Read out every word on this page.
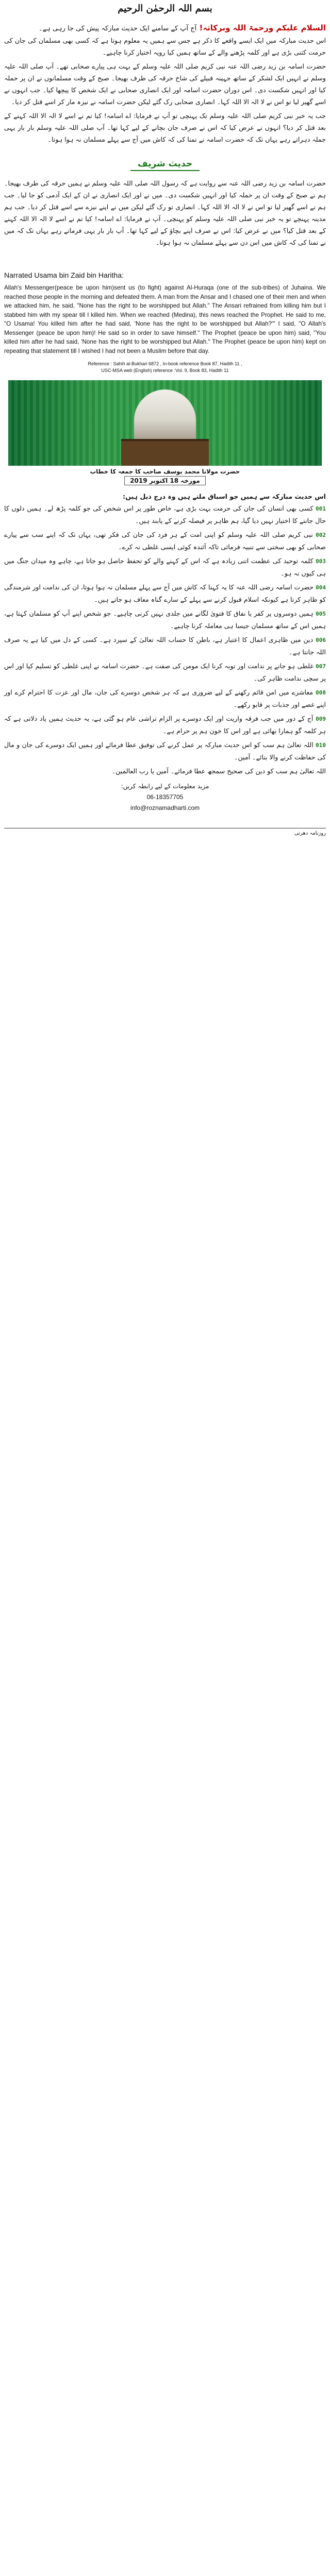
بسم اللہ الرحمٰن الرحیم
السلام علیکم ورحمۃ اللہ وبرکاتہ! آج آپ کے سامنے ایک حدیث مبارکہ پیش کی جا رہی ہے۔
اس حدیث مبارکہ میں ایک ایسے واقعے کا ذکر ہے جس سے ہمیں یہ معلوم ہوتا ہے کہ کسی بھی مسلمان کی جان کی حرمت کتنی بڑی ہے اور کلمہ پڑھنے والے کے ساتھ ہمیں کیا رویہ اختیار کرنا چاہیے۔
حضرت اسامہ بن زید رضی اللہ عنہ نبی کریم صلی اللہ علیہ وسلم کے بہت ہی پیارے صحابی تھے۔ آپ صلی اللہ علیہ وسلم نے انہیں ایک لشکر کے ساتھ جہینہ قبیلے کی شاخ حرقہ کی طرف بھیجا۔ صبح کے وقت مسلمانوں نے ان پر حملہ کیا اور انہیں شکست دی۔ اس دوران حضرت اسامہ اور ایک انصاری صحابی نے ایک شخص کا پیچھا کیا۔ جب انہوں نے اسے گھیر لیا تو اس نے لا الہ الا اللہ کہا۔ انصاری صحابی رک گئے لیکن حضرت اسامہ نے نیزہ مار کر اسے قتل کر دیا۔
جب یہ خبر نبی کریم صلی اللہ علیہ وسلم تک پہنچی تو آپ نے فرمایا: اے اسامہ! کیا تم نے اسے لا الہ الا اللہ کہنے کے بعد قتل کر دیا؟ انہوں نے عرض کیا کہ اس نے صرف جان بچانے کے لیے کہا تھا۔ آپ صلی اللہ علیہ وسلم بار بار یہی جملہ دہراتے رہے یہاں تک کہ حضرت اسامہ نے تمنا کی کہ کاش میں آج سے پہلے مسلمان نہ ہوا ہوتا۔
حدیث شریف
حضرت اسامہ بن زید رضی اللہ عنہ سے روایت ہے کہ رسول اللہ صلی اللہ علیہ وسلم نے ہمیں حرقہ کی طرف بھیجا۔ ہم نے صبح کے وقت ان پر حملہ کیا اور انہیں شکست دی۔ میں نے اور ایک انصاری نے ان کے ایک آدمی کو جا لیا۔ جب ہم نے اسے گھیر لیا تو اس نے لا الہ الا اللہ کہا۔ انصاری تو رک گئے لیکن میں نے اپنے نیزے سے اسے قتل کر دیا۔ جب ہم مدینہ پہنچے تو یہ خبر نبی صلی اللہ علیہ وسلم کو پہنچی۔ آپ نے فرمایا: اے اسامہ! کیا تم نے اسے لا الہ الا اللہ کہنے کے بعد قتل کیا؟ میں نے عرض کیا: اس نے صرف اپنے بچاؤ کے لیے کہا تھا۔ آپ بار بار یہی فرماتے رہے یہاں تک کہ میں نے تمنا کی کہ کاش میں اس دن سے پہلے مسلمان نہ ہوا ہوتا۔
Narrated Usama bin Zaid bin Haritha:
Allah's Messenger(peace be upon him)sent us (to fight) against Al-Huraqa (one of the sub-tribes) of Juhaina. We reached those people in the morning and defeated them. A man from the Ansar and I chased one of their men and when we attacked him, he said, "None has the right to be worshipped but Allah." The Ansari refrained from killing him but I stabbed him with my spear till I killed him. When we reached (Medina), this news reached the Prophet. He said to me, "O Usama! You killed him after he had said, 'None has the right to be worshipped but Allah?"' I said, "O Allah's Messenger (peace be upon him)! He said so in order to save himself." The Prophet (peace be upon him) said, "You killed him after he had said, 'None has the right to be worshipped but Allah." The Prophet (peace be upon him) kept on repeating that statement till I wished I had not been a Muslim before that day.
Reference : Sahih al-Bukhari 6872 , In-book reference Book 87, Hadith 11 ,
USC-MSA web (English) reference :Vol. 9, Book 83, Hadith 11
حضرت مولانا محمد یوسف صاحب کا جمعہ کا خطاب
مورخہ 18 اکتوبر 2019
اس حدیث مبارکہ سے ہمیں جو اسباق ملتے ہیں وہ درج ذیل ہیں:
001 کسی بھی انسان کی جان کی حرمت بہت بڑی ہے، خاص طور پر اس شخص کی جو کلمہ پڑھ لے۔ ہمیں دلوں کا حال جاننے کا اختیار نہیں دیا گیا، ہم ظاہر پر فیصلہ کرنے کے پابند ہیں۔
002 نبی کریم صلی اللہ علیہ وسلم کو اپنی امت کے ہر فرد کی جان کی فکر تھی، یہاں تک کہ اپنے سب سے پیارے صحابی کو بھی سختی سے تنبیہ فرمائی تاکہ آئندہ کوئی ایسی غلطی نہ کرے۔
003 کلمہ توحید کی عظمت اتنی زیادہ ہے کہ اس کے کہنے والے کو تحفظ حاصل ہو جاتا ہے، چاہے وہ میدان جنگ میں ہی کیوں نہ ہو۔
004 حضرت اسامہ رضی اللہ عنہ کا یہ کہنا کہ کاش میں آج سے پہلے مسلمان نہ ہوا ہوتا، ان کی ندامت اور شرمندگی کو ظاہر کرتا ہے کیونکہ اسلام قبول کرنے سے پہلے کے سارے گناہ معاف ہو جاتے ہیں۔
005 ہمیں دوسروں پر کفر یا نفاق کا فتویٰ لگانے میں جلدی نہیں کرنی چاہیے۔ جو شخص اپنے آپ کو مسلمان کہتا ہے، ہمیں اس کے ساتھ مسلمان جیسا ہی معاملہ کرنا چاہیے۔
006 دین میں ظاہری اعمال کا اعتبار ہے، باطن کا حساب اللہ تعالیٰ کے سپرد ہے۔ کسی کے دل میں کیا ہے یہ صرف اللہ جانتا ہے۔
007 غلطی ہو جانے پر ندامت اور توبہ کرنا ایک مومن کی صفت ہے۔ حضرت اسامہ نے اپنی غلطی کو تسلیم کیا اور اس پر سچی ندامت ظاہر کی۔
008 معاشرے میں امن قائم رکھنے کے لیے ضروری ہے کہ ہر شخص دوسرے کی جان، مال اور عزت کا احترام کرے اور اپنے غصے اور جذبات پر قابو رکھے۔
009 آج کے دور میں جب فرقہ واریت اور ایک دوسرے پر الزام تراشی عام ہو گئی ہے، یہ حدیث ہمیں یاد دلاتی ہے کہ ہر کلمہ گو ہمارا بھائی ہے اور اس کا خون ہم پر حرام ہے۔
010 اللہ تعالیٰ ہم سب کو اس حدیث مبارکہ پر عمل کرنے کی توفیق عطا فرمائے اور ہمیں ایک دوسرے کی جان و مال کی حفاظت کرنے والا بنائے۔ آمین۔
اللہ تعالیٰ ہم سب کو دین کی صحیح سمجھ عطا فرمائے۔ آمین یا رب العالمین۔
مزید معلومات کے لیے رابطہ کریں:
06-18357705
info@roznamadharti.com
روزنامہ دھرتی
